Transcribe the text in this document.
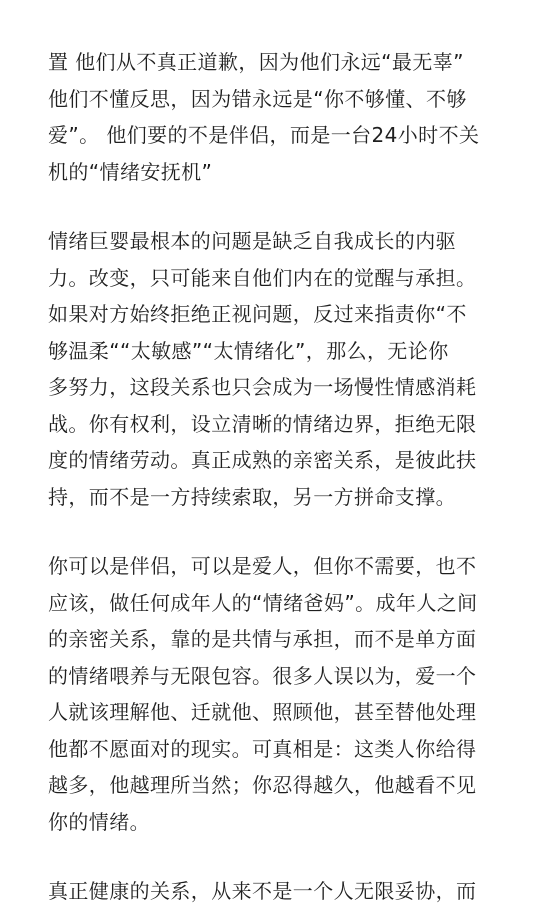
置 他们从不真正道歉，因为他们永远“最无辜”
他们不懂反思，因为错永远是“你不够懂、不够
爱”。 他们要的不是伴侣，而是一台24小时不关
机的“情绪安抚机”

情绪巨婴最根本的问题是缺乏自我成长的内驱
力。改变，只可能来自他们内在的觉醒与承担。
如果对方始终拒绝正视问题，反过来指责你“不
够温柔““太敏感”“太情绪化”，那么，无论你
多努力，这段关系也只会成为一场慢性情感消耗
战。你有权利，设立清晰的情绪边界，拒绝无限
度的情绪劳动。真正成熟的亲密关系，是彼此扶
持，而不是一方持续索取，另一方拼命支撑。

你可以是伴侣，可以是爱人，但你不需要，也不
应该，做任何成年人的“情绪爸妈”。成年人之间
的亲密关系，靠的是共情与承担，而不是单方面
的情绪喂养与无限包容。很多人误以为，爱一个
人就该理解他、迁就他、照顾他，甚至替他处理
他都不愿面对的现实。可真相是：这类人你给得
越多，他越理所当然；你忍得越久，他越看不见
你的情绪。

真正健康的关系，从来不是一个人无限妥协，而
